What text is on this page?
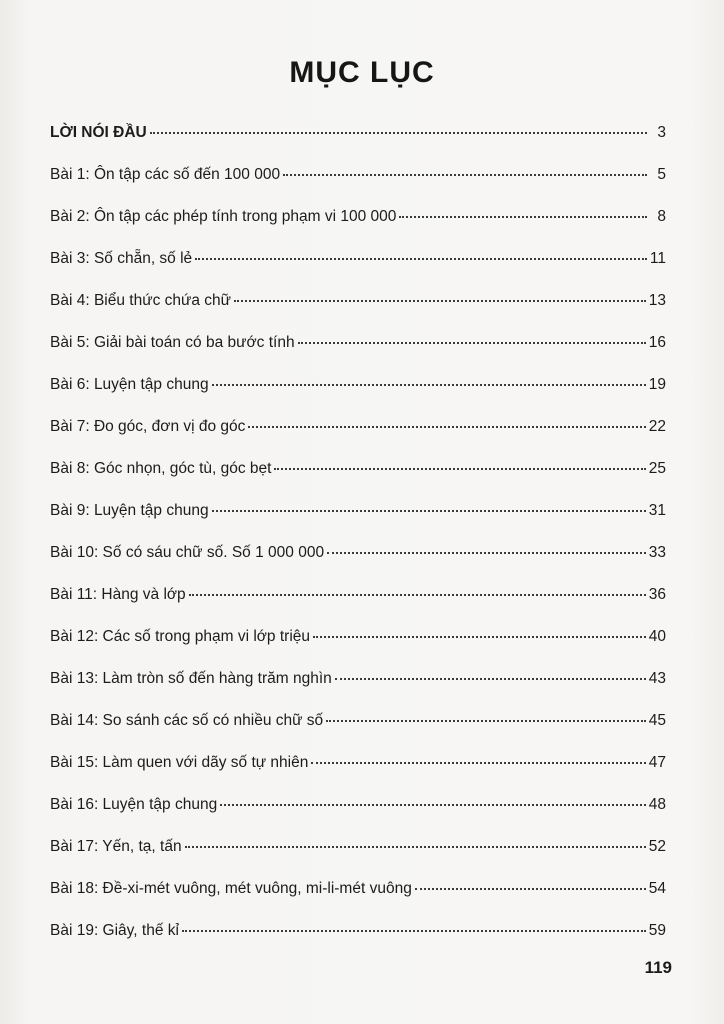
MỤC LỤC
LỜI NÓI ĐẦU	3
Bài 1: Ôn tập các số đến 100 000	5
Bài 2: Ôn tập các phép tính trong phạm vi 100 000	8
Bài 3: Số chẵn, số lẻ	11
Bài 4: Biểu thức chứa chữ	13
Bài 5: Giải bài toán có ba bước tính	16
Bài 6: Luyện tập chung	19
Bài 7: Đo góc, đơn vị đo góc	22
Bài 8: Góc nhọn, góc tù, góc bẹt	25
Bài 9: Luyện tập chung	31
Bài 10: Số có sáu chữ số. Số 1 000 000	33
Bài 11: Hàng và lớp	36
Bài 12: Các số trong phạm vi lớp triệu	40
Bài 13: Làm tròn số đến hàng trăm nghìn	43
Bài 14: So sánh các số có nhiều chữ số	45
Bài 15: Làm quen với dãy số tự nhiên	47
Bài 16: Luyện tập chung	48
Bài 17: Yến, tạ, tấn	52
Bài 18: Đề-xi-mét vuông, mét vuông, mi-li-mét vuông	54
Bài 19: Giây, thế kỉ	59
119
